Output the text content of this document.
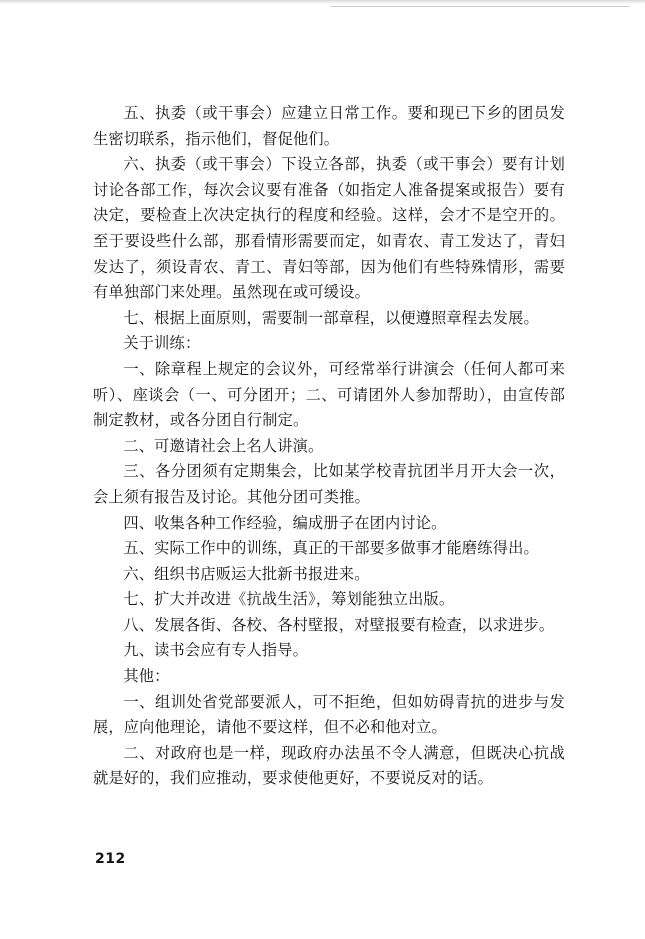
五、执委（或干事会）应建立日常工作。要和现已下乡的团员发生密切联系，指示他们，督促他们。

六、执委（或干事会）下设立各部，执委（或干事会）要有计划讨论各部工作，每次会议要有准备（如指定人准备提案或报告）要有决定，要检查上次决定执行的程度和经验。这样，会才不是空开的。至于要设些什么部，那看情形需要而定，如青农、青工发达了，青妇发达了，须设青农、青工、青妇等部，因为他们有些特殊情形，需要有单独部门来处理。虽然现在或可缓设。

七、根据上面原则，需要制一部章程，以便遵照章程去发展。

关于训练：

一、除章程上规定的会议外，可经常举行讲演会（任何人都可来听）、座谈会（一、可分团开；二、可请团外人参加帮助），由宣传部制定教材，或各分团自行制定。

二、可邀请社会上名人讲演。

三、各分团须有定期集会，比如某学校青抗团半月开大会一次，会上须有报告及讨论。其他分团可类推。

四、收集各种工作经验，编成册子在团内讨论。

五、实际工作中的训练，真正的干部要多做事才能磨练得出。

六、组织书店贩运大批新书报进来。

七、扩大并改进《抗战生活》，筹划能独立出版。

八、发展各街、各校、各村壁报，对壁报要有检查，以求进步。

九、读书会应有专人指导。

其他：

一、组训处省党部要派人，可不拒绝，但如妨碍青抗的进步与发展，应向他理论，请他不要这样，但不必和他对立。

二、对政府也是一样，现政府办法虽不令人满意，但既决心抗战就是好的，我们应推动，要求使他更好，不要说反对的话。

212
